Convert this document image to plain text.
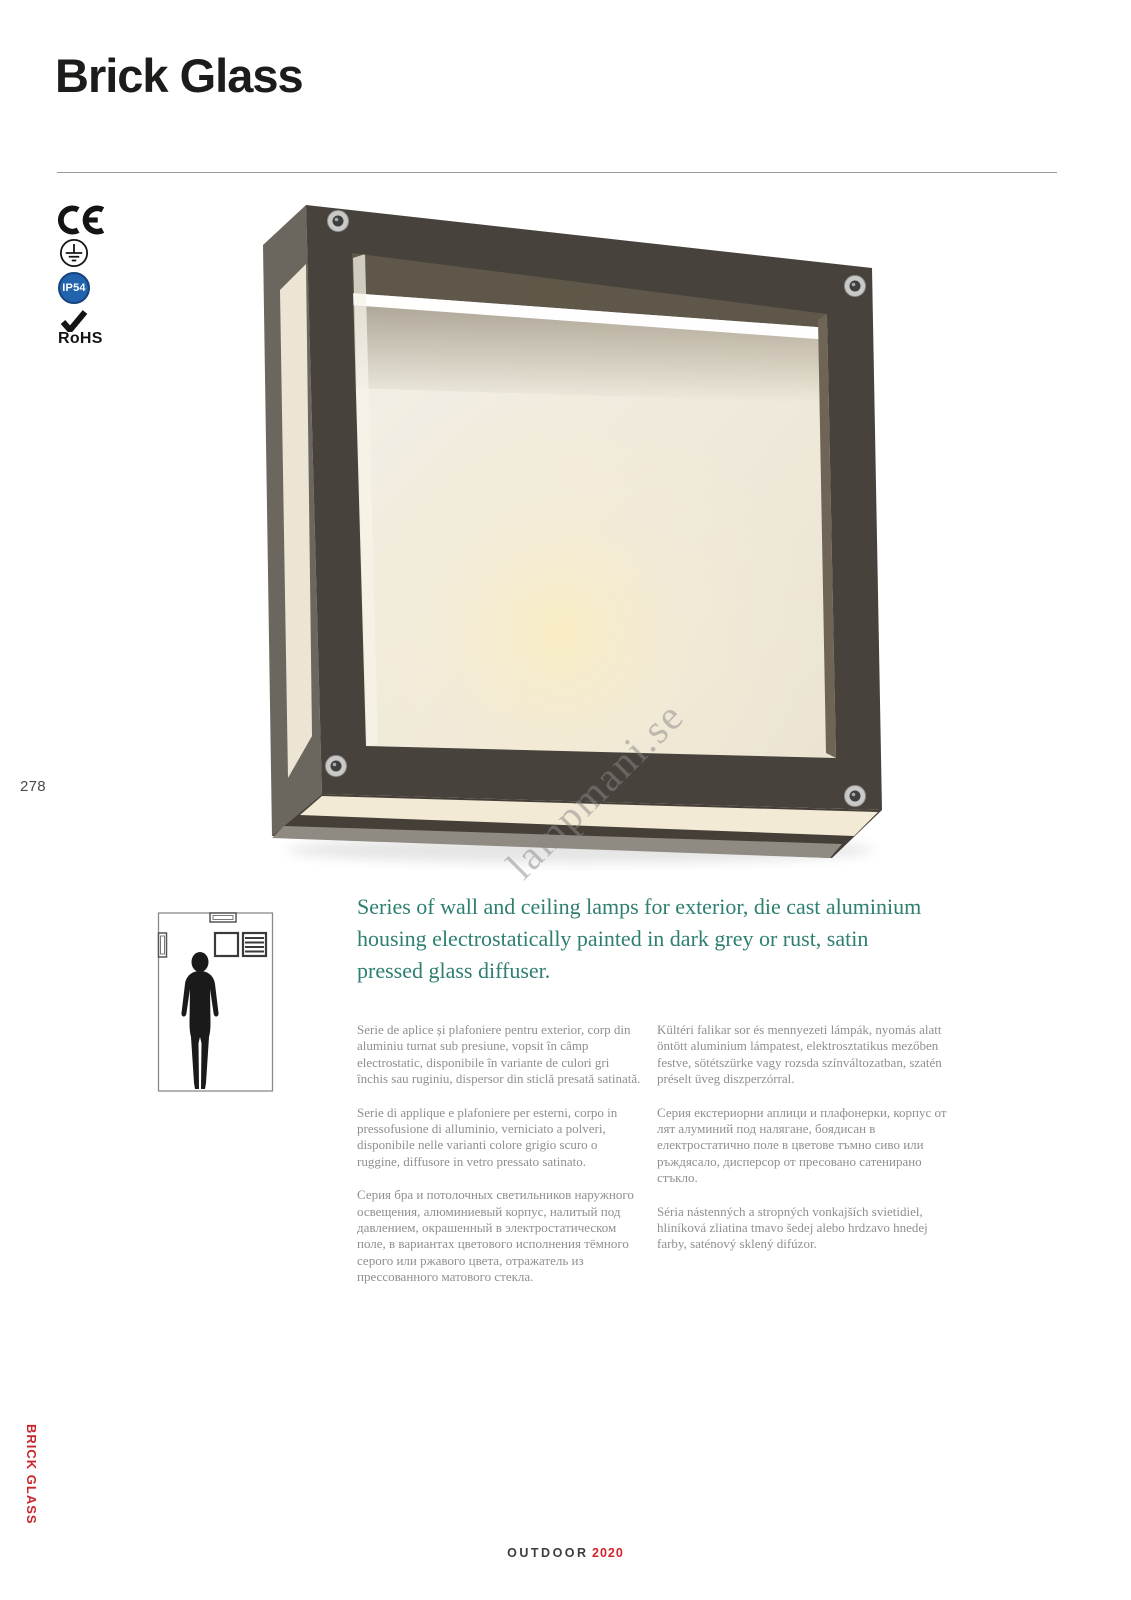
Brick Glass
IP54
RoHS
278	lampmani.se
Series of wall and ceiling lamps for exterior, die cast aluminium housing electrostatically painted in dark grey or rust, satin pressed glass diffuser.

Serie de aplice și plafoniere pentru exterior, corp din aluminiu turnat sub presiune, vopsit în câmp electrostatic, disponibile în variante de culori gri închis sau ruginiu, dispersor din sticlă presată satinată.

Serie di applique e plafoniere per esterni, corpo in pressofusione di alluminio, verniciato a polveri, disponibile nelle varianti colore grigio scuro o ruggine, diffusore in vetro pressato satinato.

Серия бра и потолочных светильников наружного освещения, алюминиевый корпус, налитый под давлением, окрашенный в электростатическом поле, в вариантах цветового исполнения тёмного серого или ржавого цвета, отражатель из прессованного матового стекла.

Kültéri falikar sor és mennyezeti lámpák, nyomás alatt öntött aluminium lámpatest, elektrosztatikus mezőben festve, sötétszürke vagy rozsda színváltozatban, szatén préselt üveg diszperzórral.

Серия екстериорни аплици и плафонерки, корпус от лят алуминий под налягане, боядисан в електростатично поле в цветове тъмно сиво или ръждясало, дисперсор от пресовано сатенирано стъкло.

Séria nástenných a stropných vonkajších svietidiel, hliníková zliatina tmavo šedej alebo hrdzavo hnedej farby, saténový sklený difúzor.

BRICK GLASS
OUTDOOR 2020
